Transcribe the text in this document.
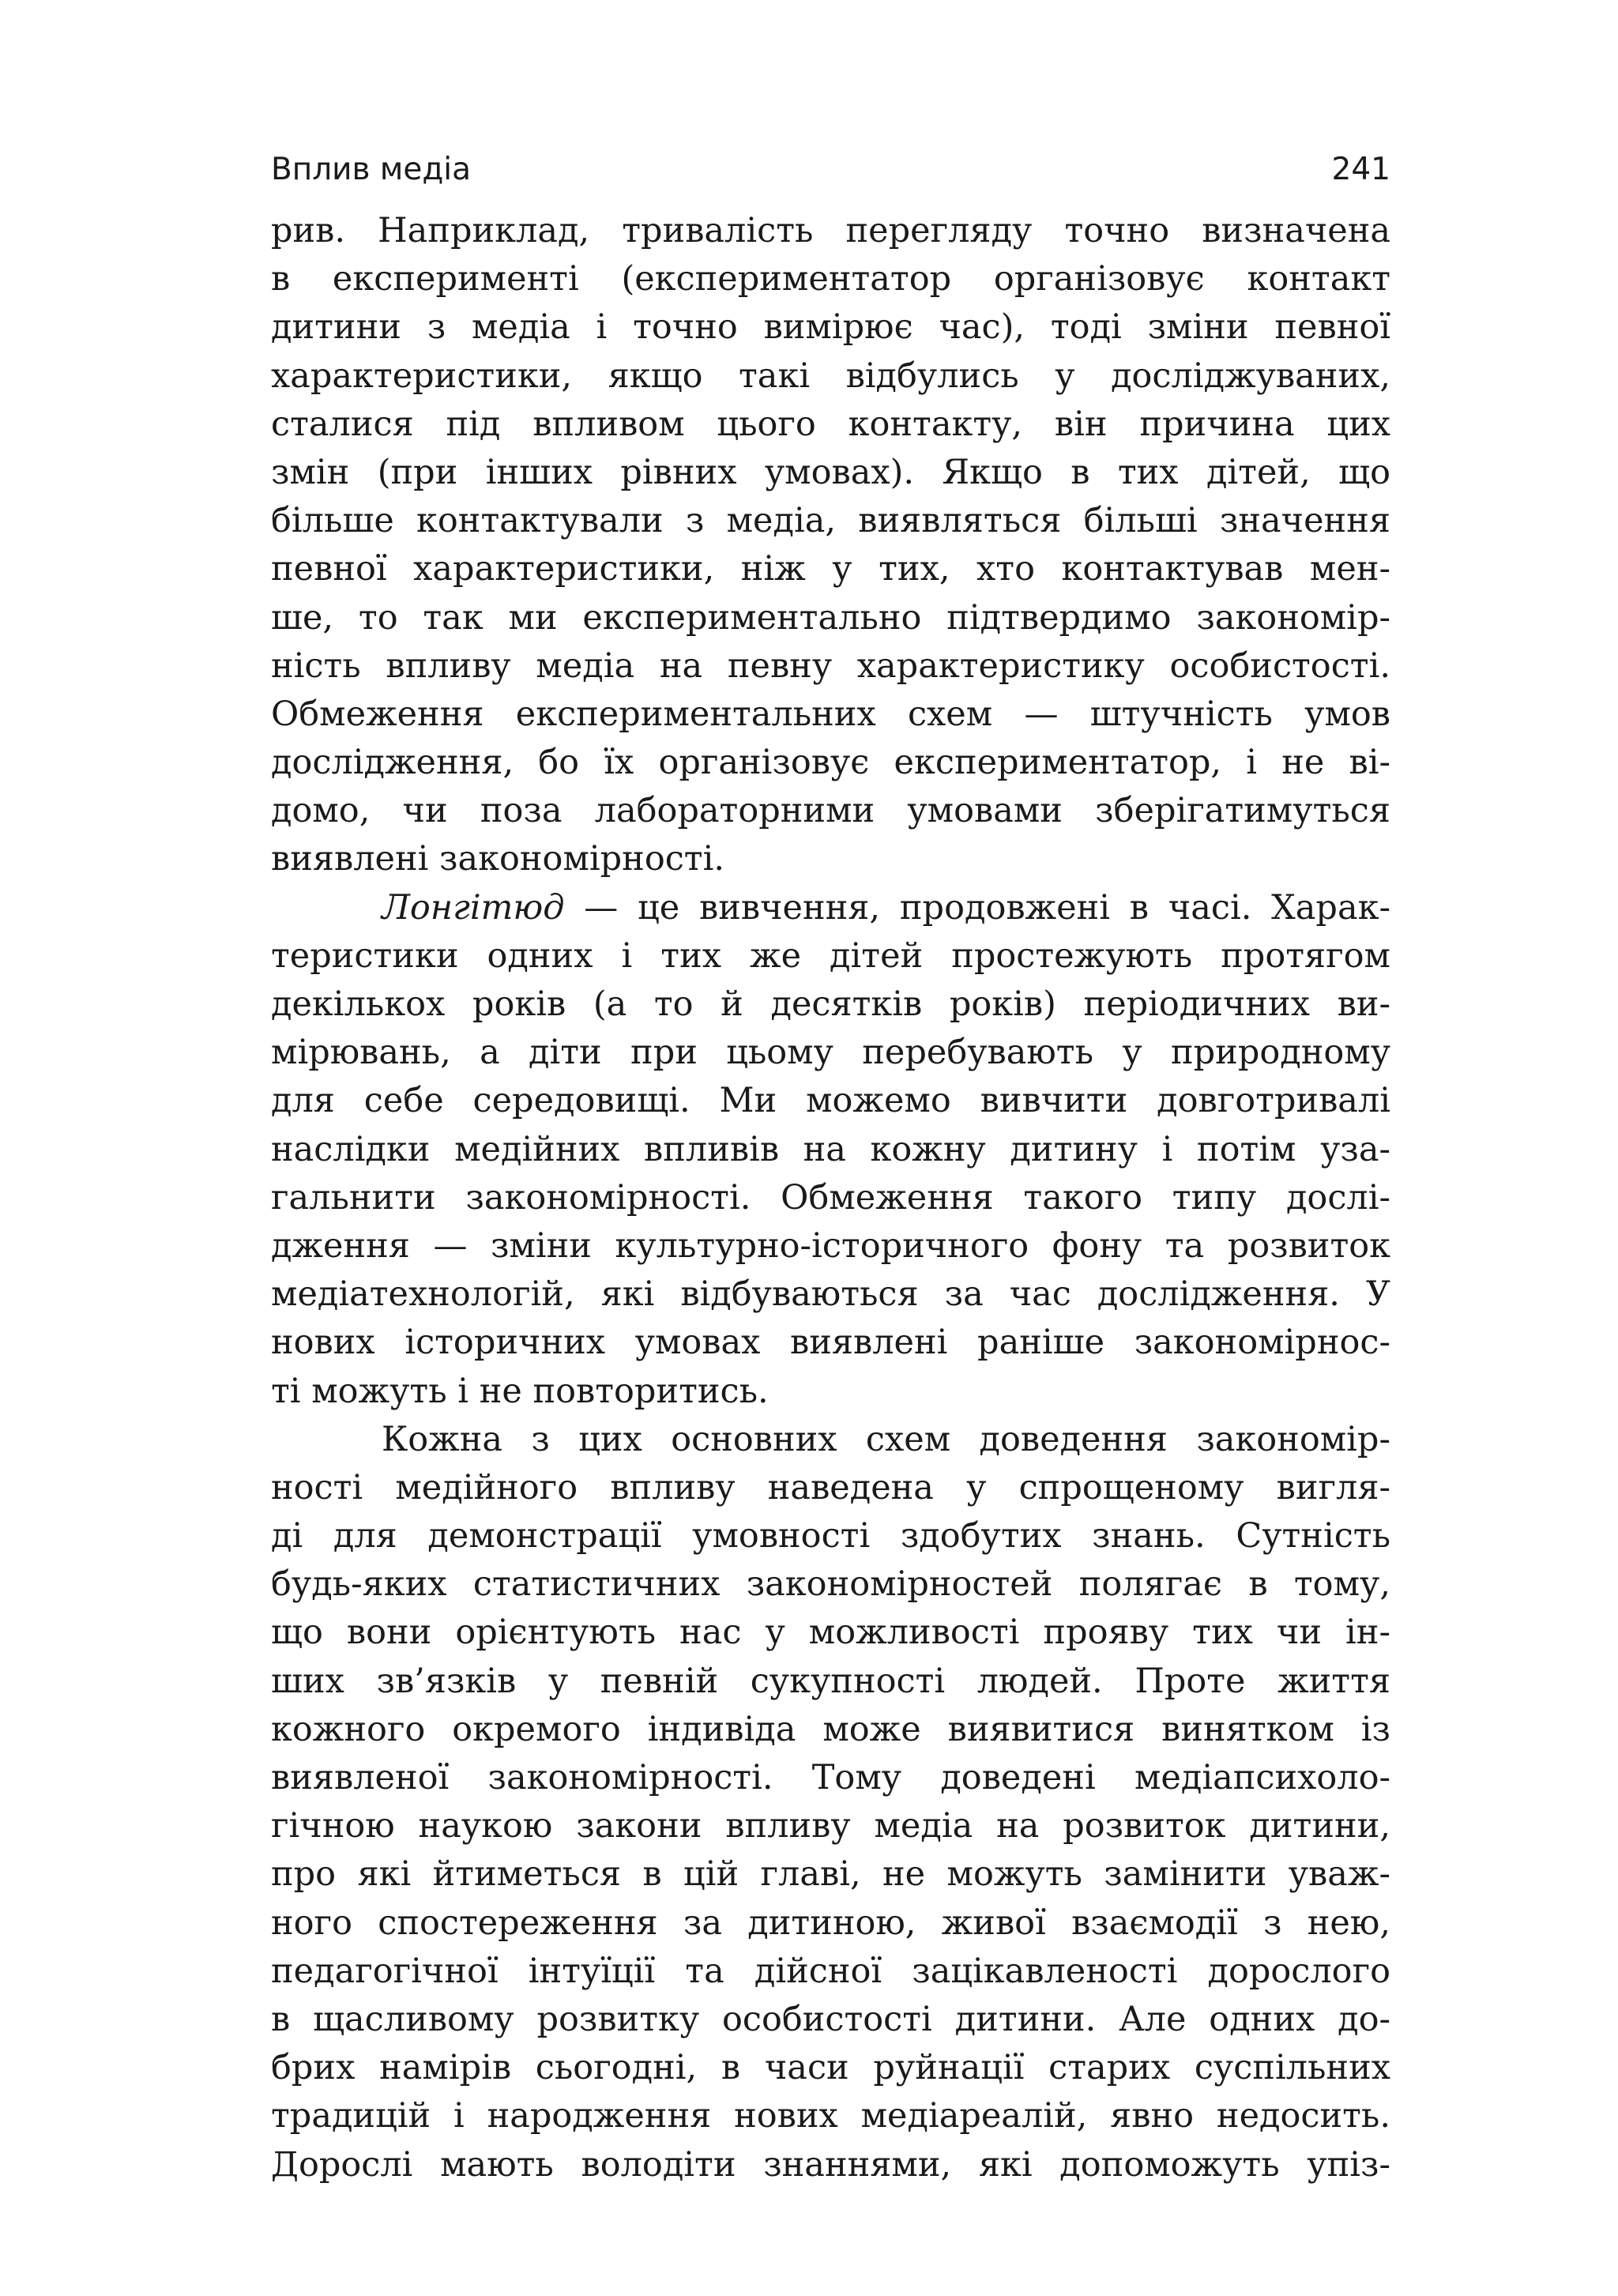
Вплив медіа	241
рив. Наприклад, тривалість перегляду точно визначена
в експерименті (експериментатор організовує контакт
дитини з медіа і точно вимірює час), тоді зміни певної
характеристики, якщо такі відбулись у досліджуваних,
сталися під впливом цього контакту, він причина цих
змін (при інших рівних умовах). Якщо в тих дітей, що
більше контактували з медіа, виявляться більші значення
певної характеристики, ніж у тих, хто контактував мен-
ше, то так ми експериментально підтвердимо закономір-
ність впливу медіа на певну характеристику особистості.
Обмеження експериментальних схем — штучність умов
дослідження, бо їх організовує експериментатор, і не ві-
домо, чи поза лабораторними умовами зберігатимуться
виявлені закономірності.
Лонгітюд — це вивчення, продовжені в часі. Харак-
теристики одних і тих же дітей простежують протягом
декількох років (а то й десятків років) періодичних ви-
мірювань, а діти при цьому перебувають у природному
для себе середовищі. Ми можемо вивчити довготривалі
наслідки медійних впливів на кожну дитину і потім уза-
гальнити закономірності. Обмеження такого типу дослі-
дження — зміни культурно-історичного фону та розвиток
медіатехнологій, які відбуваються за час дослідження. У
нових історичних умовах виявлені раніше закономірнос-
ті можуть і не повторитись.
Кожна з цих основних схем доведення закономір-
ності медійного впливу наведена у спрощеному вигля-
ді для демонстрації умовності здобутих знань. Сутність
будь-яких статистичних закономірностей полягає в тому,
що вони орієнтують нас у можливості прояву тих чи ін-
ших зв’язків у певній сукупності людей. Проте життя
кожного окремого індивіда може виявитися винятком із
виявленої закономірності. Тому доведені медіапсихоло-
гічною наукою закони впливу медіа на розвиток дитини,
про які йтиметься в цій главі, не можуть замінити уваж-
ного спостереження за дитиною, живої взаємодії з нею,
педагогічної інтуїції та дійсної зацікавленості дорослого
в щасливому розвитку особистості дитини. Але одних до-
брих намірів сьогодні, в часи руйнації старих суспільних
традицій і народження нових медіареалій, явно недосить.
Дорослі мають володіти знаннями, які допоможуть упіз-
